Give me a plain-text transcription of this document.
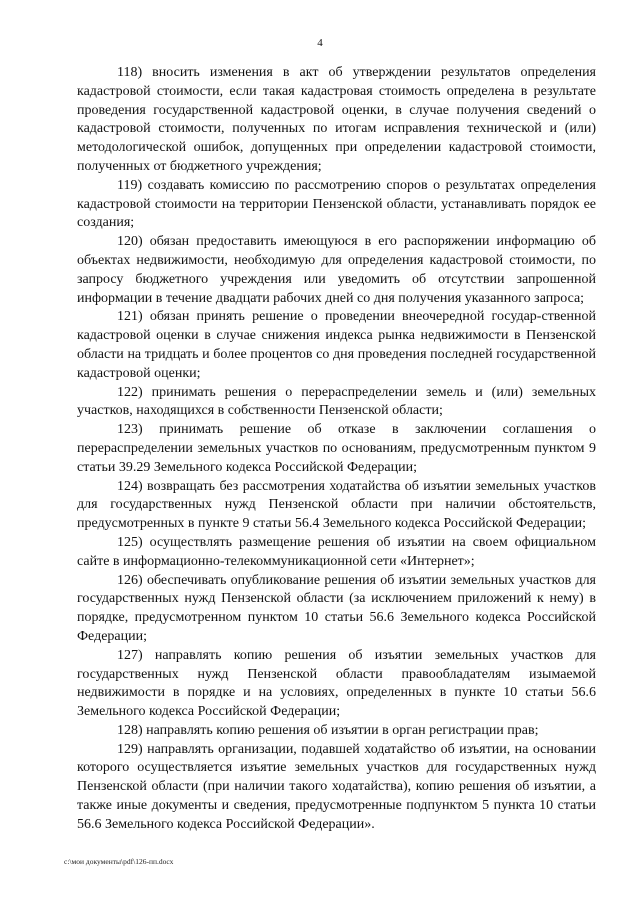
4

118) вносить изменения в акт об утверждении результатов определения кадастровой стоимости, если такая кадастровая стоимость определена в результате проведения государственной кадастровой оценки, в случае получения сведений о кадастровой стоимости, полученных по итогам исправления технической и (или) методологической ошибок, допущенных при определении кадастровой стоимости, полученных от бюджетного учреждения;

119) создавать комиссию по рассмотрению споров о результатах определения кадастровой стоимости на территории Пензенской области, устанавливать порядок ее создания;

120) обязан предоставить имеющуюся в его распоряжении информацию об объектах недвижимости, необходимую для определения кадастровой стоимости, по запросу бюджетного учреждения или уведомить об отсутствии запрошенной информации в течение двадцати рабочих дней со дня получения указанного запроса;

121) обязан принять решение о проведении внеочередной государ-ственной кадастровой оценки в случае снижения индекса рынка недвижимости в Пензенской области на тридцать и более процентов со дня проведения последней государственной кадастровой оценки;

122) принимать решения о перераспределении земель и (или) земельных участков, находящихся в собственности Пензенской области;

123) принимать решение об отказе в заключении соглашения о перераспределении земельных участков по основаниям, предусмотренным пунктом 9 статьи 39.29 Земельного кодекса Российской Федерации;

124) возвращать без рассмотрения ходатайства об изъятии земельных участков для государственных нужд Пензенской области при наличии обстоятельств, предусмотренных в пункте 9 статьи 56.4 Земельного кодекса Российской Федерации;

125) осуществлять размещение решения об изъятии на своем официальном сайте в информационно-телекоммуникационной сети «Интернет»;

126) обеспечивать опубликование решения об изъятии земельных участков для государственных нужд Пензенской области (за исключением приложений к нему) в порядке, предусмотренном пунктом 10 статьи 56.6 Земельного кодекса Российской Федерации;

127) направлять копию решения об изъятии земельных участков для государственных нужд Пензенской области правообладателям изымаемой недвижимости в порядке и на условиях, определенных в пункте 10 статьи 56.6 Земельного кодекса Российской Федерации;

128) направлять копию решения об изъятии в орган регистрации прав;

129) направлять организации, подавшей ходатайство об изъятии, на основании которого осуществляется изъятие земельных участков для государственных нужд Пензенской области (при наличии такого ходатайства), копию решения об изъятии, а также иные документы и сведения, предусмотренные подпунктом 5 пункта 10 статьи 56.6 Земельного кодекса Российской Федерации».

c:\мои документы\pdf\126-пп.docx
